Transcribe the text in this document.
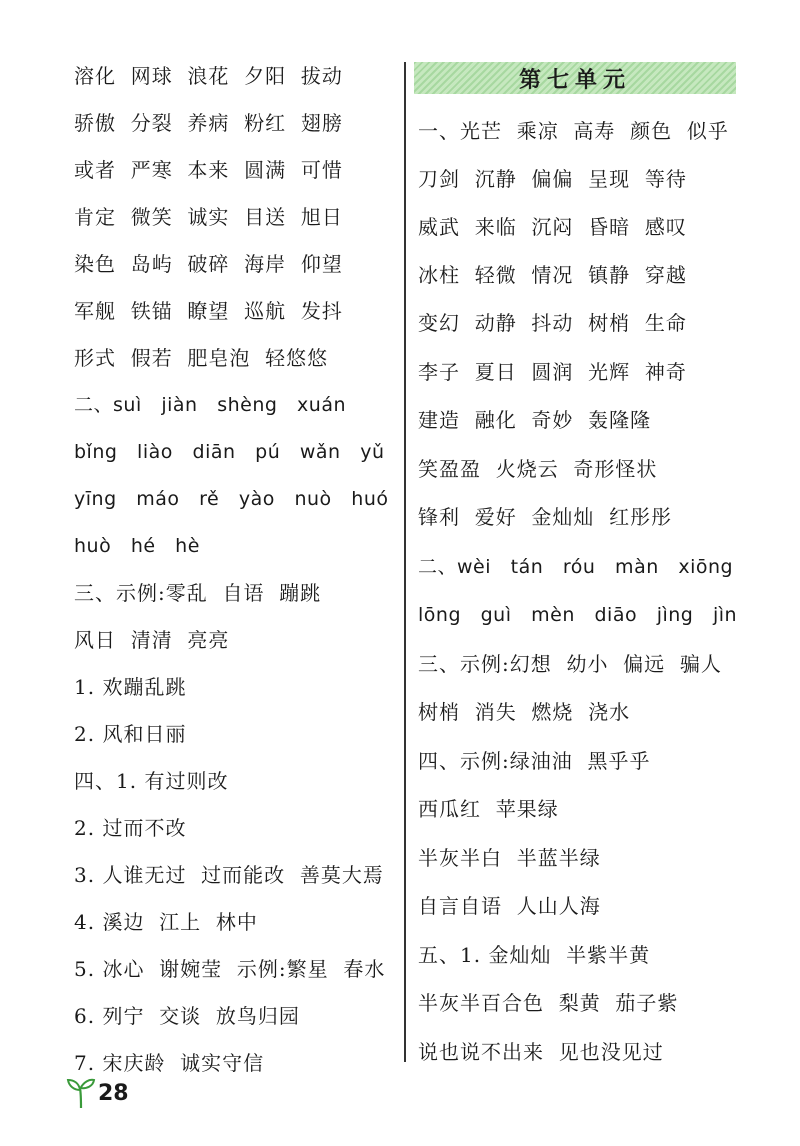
溶化  网球  浪花  夕阳  拔动
骄傲  分裂  养病  粉红  翅膀
或者  严寒  本来  圆满  可惜
肯定  微笑  诚实  目送  旭日
染色  岛屿  破碎  海岸  仰望
军舰  铁锚  瞭望  巡航  发抖
形式  假若  肥皂泡  轻悠悠
二、suì   jiàn   shèng   xuán
bǐng   liào   diān   pú   wǎn   yǔ
yīng   máo   rě   yào   nuò   huó
huò   hé   hè
三、示例:零乱  自语  蹦跳
风日  清清  亮亮
1. 欢蹦乱跳
2. 风和日丽
四、1. 有过则改
2. 过而不改
3. 人谁无过  过而能改  善莫大焉
4. 溪边  江上  林中
5. 冰心  谢婉莹  示例:繁星  春水
6. 列宁  交谈  放鸟归园
7. 宋庆龄  诚实守信
第七单元
一、光芒  乘凉  高寿  颜色  似乎
刀剑  沉静  偏偏  呈现  等待
威武  来临  沉闷  昏暗  感叹
冰柱  轻微  情况  镇静  穿越
变幻  动静  抖动  树梢  生命
李子  夏日  圆润  光辉  神奇
建造  融化  奇妙  轰隆隆
笑盈盈  火烧云  奇形怪状
锋利  爱好  金灿灿  红彤彤
二、wèi   tán   róu   màn   xiōng
lōng   guì   mèn   diāo   jìng   jìn
三、示例:幻想  幼小  偏远  骗人
树梢  消失  燃烧  浇水
四、示例:绿油油  黑乎乎
西瓜红  苹果绿
半灰半白  半蓝半绿
自言自语  人山人海
五、1. 金灿灿  半紫半黄
半灰半百合色  梨黄  茄子紫
说也说不出来  见也没见过
28
